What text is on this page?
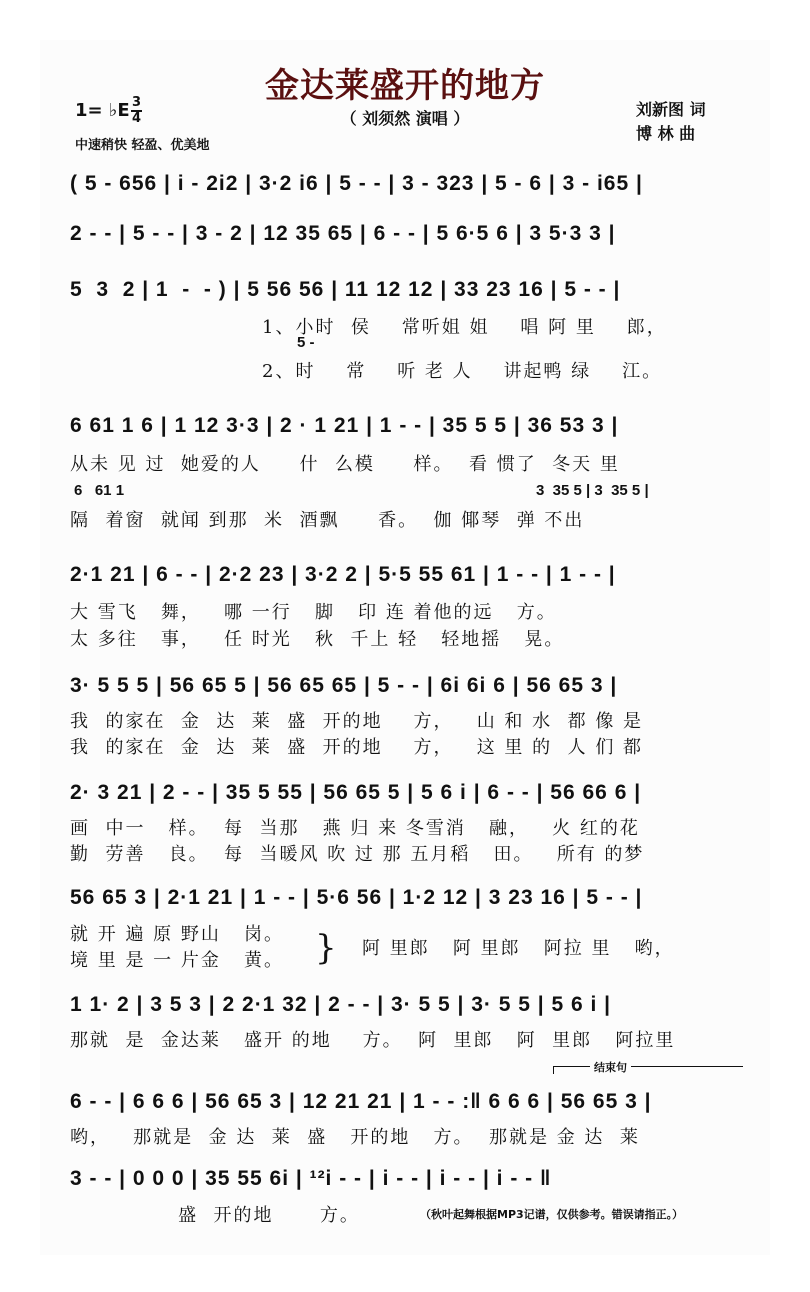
金达莱盛开的地方
（ 刘须然 演唱 ）
1= ♭E $\frac{3}{4}$
中速稍快 轻盈、优美地
刘新图 词
博 林 曲
( 5 - 656 | i - 2i2 | 3·2 i6 | 5 - - | 3 - 323 | 5 - 6 | 3 - i65 |
2 - - | 5 - - | 3 - 2 | 12 35 65 | 6 - - | 5 6·5 6 | 3 5·3 3 |
5  3  2 | 1  -  - ) | 5 56 56 | 11 12 12 | 33 23 16 | 5 - - |
1、小时  侯    常听姐 姐    唱 阿 里    郎，
5 -
2、时    常    听 老 人    讲起鸭 绿    江。
6 61 1 6 | 1 12 3·3 | 2 · 1 21 | 1 - - | 35 5 5 | 36 53 3 |
从未 见 过  她爱的人     什  么模     样。  看 惯了  冬天 里
6   61 1	3  35 5 | 3  35 5 |
隔  着窗  就闻 到那  米  酒飘     香。  伽 倻琴  弹 不出
2·1 21 | 6 - - | 2·2 23 | 3·2 2 | 5·5 55 61 | 1 - - | 1 - - |
大 雪飞   舞，   哪 一行   脚   印 连 着他的远   方。
太 多往   事，   任 时光   秋  千上 轻   轻地摇   晃。
3· 5 5 5 | 56 65 5 | 56 65 65 | 5 - - | 6i 6i 6 | 56 65 3 |
我  的家在  金  达  莱  盛  开的地    方，   山 和 水  都 像 是
我  的家在  金  达  莱  盛  开的地    方，   这 里 的  人 们 都
2· 3 21 | 2 - - | 35 5 55 | 56 65 5 | 5 6 i | 6 - - | 56 66 6 |
画  中一   样。  每  当那   燕 归 来 冬雪消   融，   火 红的花
勤  劳善   良。  每  当暖风 吹 过 那 五月稻   田。   所有 的梦
56 65 3 | 2·1 21 | 1 - - | 5·6 56 | 1·2 12 | 3 23 16 | 5 - - |
就 开 遍 原 野山   岗。
境 里 是 一 片金   黄。 } 阿 里郎   阿 里郎   阿拉 里   哟，
1 1· 2 | 3 5 3 | 2 2·1 32 | 2 - - | 3· 5 5 | 3· 5 5 | 5 6 i |
那就  是  金达莱   盛开 的地    方。  阿  里郎   阿  里郎   阿拉里
结束句
6 - - | 6 6 6 | 56 65 3 | 12 21 21 | 1 - - :‖ 6 6 6 | 56 65 3 |
哟，   那就是  金 达  莱  盛   开的地   方。  那就是 金 达  莱
3 - - | 0 0 0 | 35 55 6i | ¹²i - - | i - - | i - - | i - - ‖
盛  开的地      方。	（秋叶起舞根据MP3记谱，仅供参考。错误请指正。）
